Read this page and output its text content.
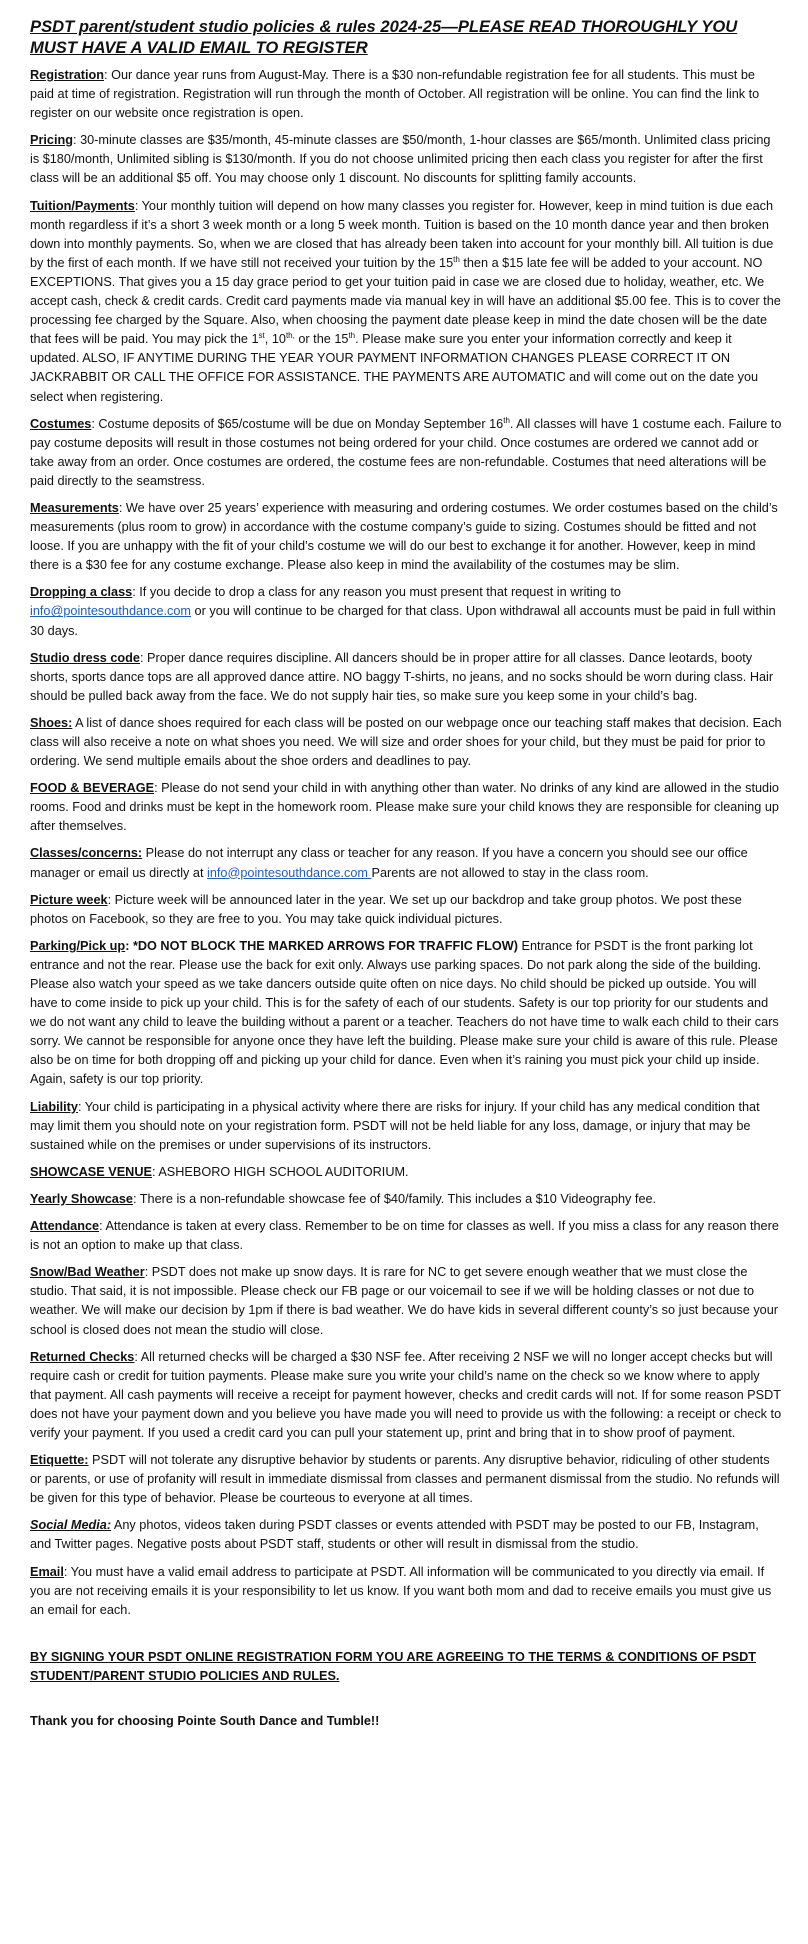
PSDT parent/student studio policies & rules 2024-25—PLEASE READ THOROUGHLY YOU MUST HAVE A VALID EMAIL TO REGISTER
Registration: Our dance year runs from August-May. There is a $30 non-refundable registration fee for all students. This must be paid at time of registration. Registration will run through the month of October. All registration will be online. You can find the link to register on our website once registration is open.
Pricing: 30-minute classes are $35/month, 45-minute classes are $50/month, 1-hour classes are $65/month. Unlimited class pricing is $180/month, Unlimited sibling is $130/month. If you do not choose unlimited pricing then each class you register for after the first class will be an additional $5 off. You may choose only 1 discount. No discounts for splitting family accounts.
Tuition/Payments: Your monthly tuition will depend on how many classes you register for. However, keep in mind tuition is due each month regardless if it’s a short 3 week month or a long 5 week month. Tuition is based on the 10 month dance year and then broken down into monthly payments. So, when we are closed that has already been taken into account for your monthly bill. All tuition is due by the first of each month. If we have still not received your tuition by the 15th then a $15 late fee will be added to your account. NO EXCEPTIONS. That gives you a 15 day grace period to get your tuition paid in case we are closed due to holiday, weather, etc. We accept cash, check & credit cards. Credit card payments made via manual key in will have an additional $5.00 fee. This is to cover the processing fee charged by the Square. Also, when choosing the payment date please keep in mind the date chosen will be the date that fees will be paid. You may pick the 1st, $10^{th,}$ or the 15th. Please make sure you enter your information correctly and keep it updated. ALSO, IF ANYTIME DURING THE YEAR YOUR PAYMENT INFORMATION CHANGES PLEASE CORRECT IT ON JACKRABBIT OR CALL THE OFFICE FOR ASSISTANCE. THE PAYMENTS ARE AUTOMATIC and will come out on the date you select when registering.
Costumes: Costume deposits of $65/costume will be due on Monday September 16th. All classes will have 1 costume each. Failure to pay costume deposits will result in those costumes not being ordered for your child. Once costumes are ordered we cannot add or take away from an order. Once costumes are ordered, the costume fees are non-refundable. Costumes that need alterations will be paid directly to the seamstress.
Measurements: We have over 25 years’ experience with measuring and ordering costumes. We order costumes based on the child’s measurements (plus room to grow) in accordance with the costume company’s guide to sizing. Costumes should be fitted and not loose. If you are unhappy with the fit of your child’s costume we will do our best to exchange it for another. However, keep in mind there is a $30 fee for any costume exchange. Please also keep in mind the availability of the costumes may be slim.
Dropping a class: If you decide to drop a class for any reason you must present that request in writing to info@pointesouthdance.com or you will continue to be charged for that class. Upon withdrawal all accounts must be paid in full within 30 days.
Studio dress code: Proper dance requires discipline. All dancers should be in proper attire for all classes. Dance leotards, booty shorts, sports dance tops are all approved dance attire. NO baggy T-shirts, no jeans, and no socks should be worn during class. Hair should be pulled back away from the face. We do not supply hair ties, so make sure you keep some in your child’s bag.
Shoes: A list of dance shoes required for each class will be posted on our webpage once our teaching staff makes that decision. Each class will also receive a note on what shoes you need. We will size and order shoes for your child, but they must be paid for prior to ordering. We send multiple emails about the shoe orders and deadlines to pay.
FOOD & BEVERAGE: Please do not send your child in with anything other than water. No drinks of any kind are allowed in the studio rooms. Food and drinks must be kept in the homework room. Please make sure your child knows they are responsible for cleaning up after themselves.
Classes/concerns: Please do not interrupt any class or teacher for any reason. If you have a concern you should see our office manager or email us directly at info@pointesouthdance.com Parents are not allowed to stay in the class room.
Picture week: Picture week will be announced later in the year. We set up our backdrop and take group photos. We post these photos on Facebook, so they are free to you. You may take quick individual pictures.
Parking/Pick up: *DO NOT BLOCK THE MARKED ARROWS FOR TRAFFIC FLOW) Entrance for PSDT is the front parking lot entrance and not the rear. Please use the back for exit only. Always use parking spaces. Do not park along the side of the building. Please also watch your speed as we take dancers outside quite often on nice days. No child should be picked up outside. You will have to come inside to pick up your child. This is for the safety of each of our students. Safety is our top priority for our students and we do not want any child to leave the building without a parent or a teacher. Teachers do not have time to walk each child to their cars sorry. We cannot be responsible for anyone once they have left the building. Please make sure your child is aware of this rule. Please also be on time for both dropping off and picking up your child for dance. Even when it’s raining you must pick your child up inside. Again, safety is our top priority.
Liability: Your child is participating in a physical activity where there are risks for injury. If your child has any medical condition that may limit them you should note on your registration form. PSDT will not be held liable for any loss, damage, or injury that may be sustained while on the premises or under supervisions of its instructors.
SHOWCASE VENUE: ASHEBORO HIGH SCHOOL AUDITORIUM.
Yearly Showcase: There is a non-refundable showcase fee of $40/family. This includes a $10 Videography fee.
Attendance: Attendance is taken at every class. Remember to be on time for classes as well. If you miss a class for any reason there is not an option to make up that class.
Snow/Bad Weather: PSDT does not make up snow days. It is rare for NC to get severe enough weather that we must close the studio. That said, it is not impossible. Please check our FB page or our voicemail to see if we will be holding classes or not due to weather. We will make our decision by 1pm if there is bad weather. We do have kids in several different county’s so just because your school is closed does not mean the studio will close.
Returned Checks: All returned checks will be charged a $30 NSF fee. After receiving 2 NSF we will no longer accept checks but will require cash or credit for tuition payments. Please make sure you write your child’s name on the check so we know where to apply that payment. All cash payments will receive a receipt for payment however, checks and credit cards will not. If for some reason PSDT does not have your payment down and you believe you have made you will need to provide us with the following: a receipt or check to verify your payment. If you used a credit card you can pull your statement up, print and bring that in to show proof of payment.
Etiquette: PSDT will not tolerate any disruptive behavior by students or parents. Any disruptive behavior, ridiculing of other students or parents, or use of profanity will result in immediate dismissal from classes and permanent dismissal from the studio. No refunds will be given for this type of behavior. Please be courteous to everyone at all times.
Social Media: Any photos, videos taken during PSDT classes or events attended with PSDT may be posted to our FB, Instagram, and Twitter pages. Negative posts about PSDT staff, students or other will result in dismissal from the studio.
Email: You must have a valid email address to participate at PSDT. All information will be communicated to you directly via email. If you are not receiving emails it is your responsibility to let us know. If you want both mom and dad to receive emails you must give us an email for each.
BY SIGNING YOUR PSDT ONLINE REGISTRATION FORM YOU ARE AGREEING TO THE TERMS & CONDITIONS OF PSDT STUDENT/PARENT STUDIO POLICIES AND RULES.
Thank you for choosing Pointe South Dance and Tumble!!
